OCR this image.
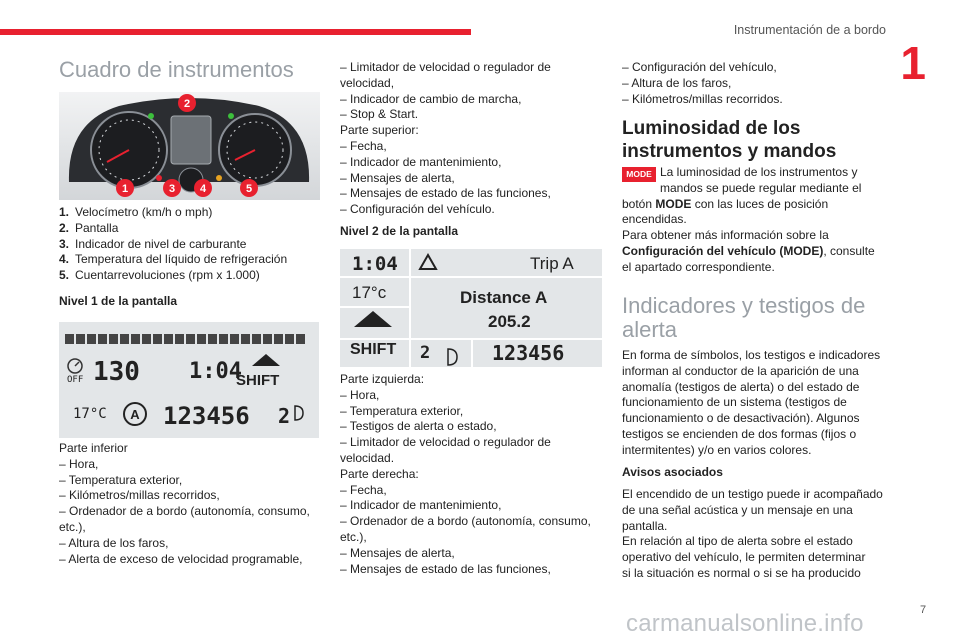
Instrumentación de a bordo
1
Cuadro de instrumentos
2
1	3 4	5
1. Velocímetro (km/h o mph)
2. Pantalla
3. Indicador de nivel de carburante
4. Temperatura del líquido de refrigeración
5. Cuentarrevoluciones (rpm x 1.000)
Nivel 1 de la pantalla
A
OFF 130 1:04
SHIFT
17°C 123456 2
Parte inferior
– Hora,
– Temperatura exterior,
– Kilómetros/millas recorridos,
– Ordenador de a bordo (autonomía, consumo,
etc.),
– Altura de los faros,
– Alerta de exceso de velocidad programable,
– Limitador de velocidad o regulador de
velocidad,
– Indicador de cambio de marcha,
– Stop & Start.
Parte superior:
– Fecha,
– Indicador de mantenimiento,
– Mensajes de alerta,
– Mensajes de estado de las funciones,
– Configuración del vehículo.
Nivel 2 de la pantalla
1:04	Trip A
17°c	Distance A
205.2
SHIFT 2	123456
Parte izquierda:
– Hora,
– Temperatura exterior,
– Testigos de alerta o estado,
– Limitador de velocidad o regulador de
velocidad.
Parte derecha:
– Fecha,
– Indicador de mantenimiento,
– Ordenador de a bordo (autonomía, consumo,
etc.),
– Mensajes de alerta,
– Mensajes de estado de las funciones,
– Configuración del vehículo,
– Altura de los faros,
– Kilómetros/millas recorridos.
Luminosidad de los
instrumentos y mandos
MODE La luminosidad de los instrumentos y
mandos se puede regular mediante el
botón MODE con las luces de posición
encendidas.
Para obtener más información sobre la
Configuración del vehículo (MODE), consulte
el apartado correspondiente.
Indicadores y testigos de
alerta
En forma de símbolos, los testigos e indicadores
informan al conductor de la aparición de una
anomalía (testigos de alerta) o del estado de
funcionamiento de un sistema (testigos de
funcionamiento o de desactivación). Algunos
testigos se encienden de dos formas (fijos o
intermitentes) y/o en varios colores.
Avisos asociados
El encendido de un testigo puede ir acompañado
de una señal acústica y un mensaje en una
pantalla.
En relación al tipo de alerta sobre el estado
operativo del vehículo, le permiten determinar
si la situación es normal o si se ha producido
carmanualsonline.info	7
